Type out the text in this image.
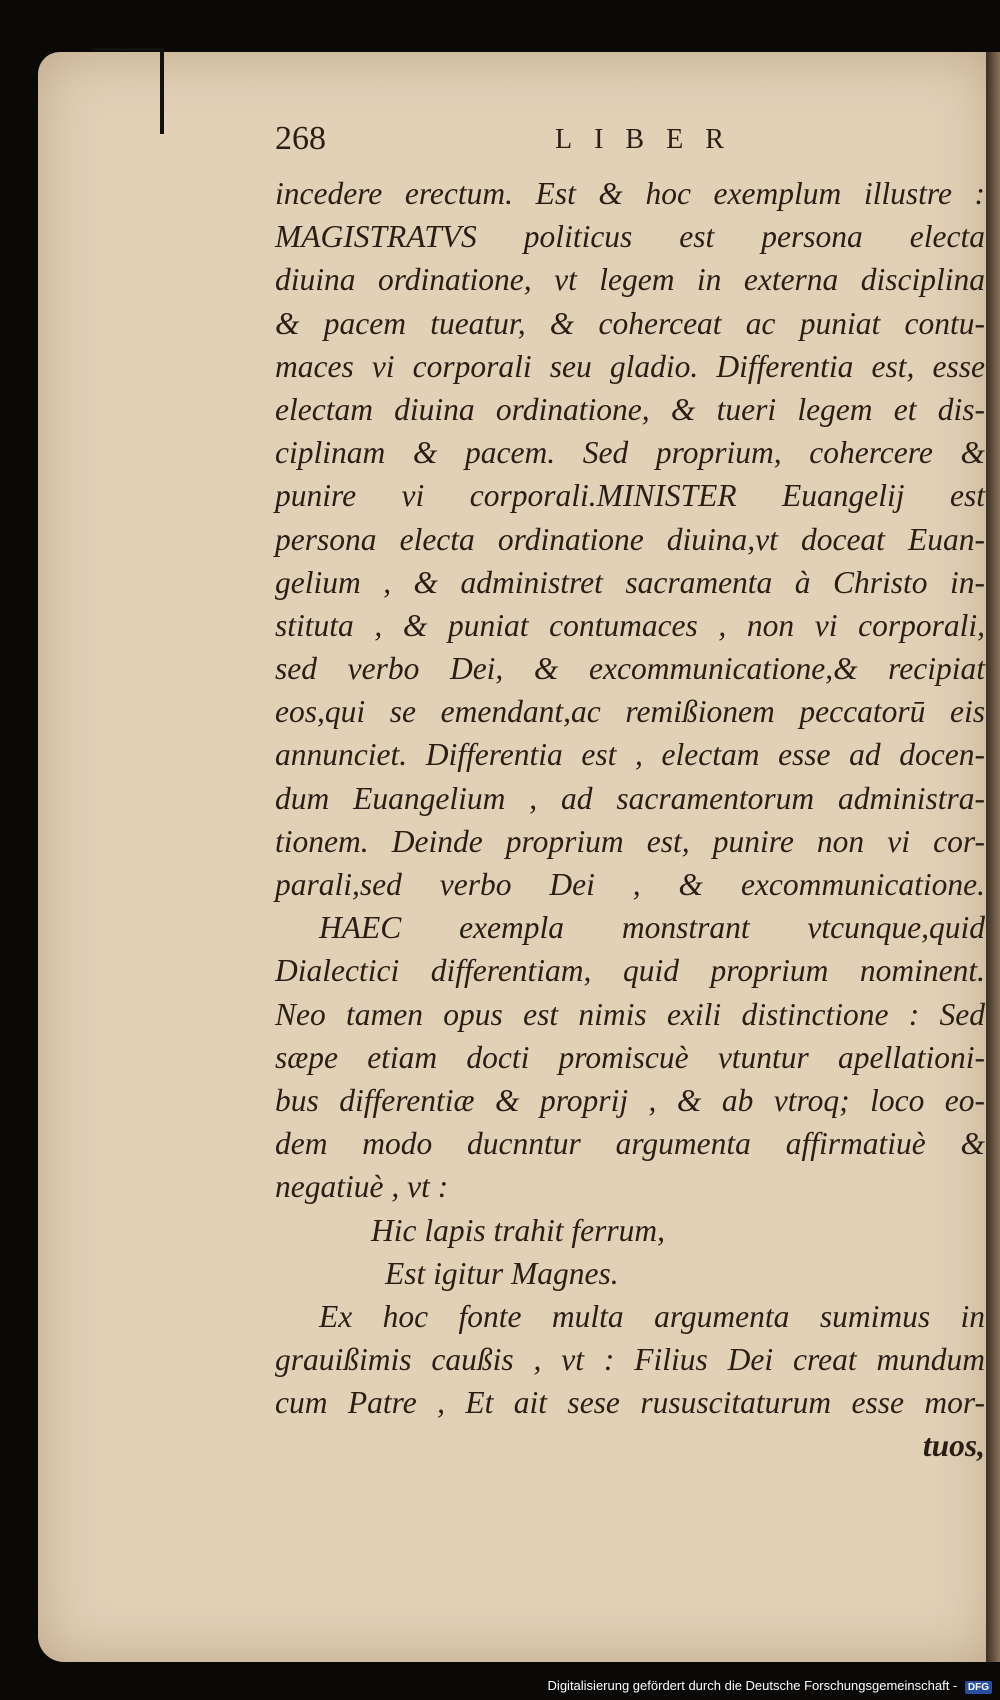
268	LIBER
incedere erectum. Est & hoc exemplum illustre :
MAGISTRATVS politicus est persona electa
diuina ordinatione, vt legem in externa disciplina
& pacem tueatur, & coherceat ac puniat contu-
maces vi corporali seu gladio. Differentia est, esse
electam diuina ordinatione, & tueri legem et dis-
ciplinam & pacem. Sed proprium, cohercere &
punire vi corporali.MINISTER Euangelij est
persona electa ordinatione diuina,vt doceat Euan-
gelium , & administret sacramenta à Christo in-
stituta , & puniat contumaces , non vi corporali,
sed verbo Dei, & excommunicatione,& recipiat
eos,qui se emendant,ac remißionem peccatorū eis
annunciet. Differentia est , electam esse ad docen-
dum Euangelium , ad sacramentorum administra-
tionem. Deinde proprium est, punire non vi cor-
parali,sed verbo Dei , & excommunicatione.
HAEC exempla monstrant vtcunque,quid
Dialectici differentiam, quid proprium nominent.
Neo tamen opus est nimis exili distinctione : Sed
sæpe etiam docti promiscuè vtuntur apellationi-
bus differentiæ & proprij , & ab vtroq; loco eo-
dem modo ducnntur argumenta affirmatiuè &
negatiuè , vt :
Hic lapis trahit ferrum,
Est igitur Magnes.
Ex hoc fonte multa argumenta sumimus in
grauißimis caußis , vt : Filius Dei creat mundum
cum Patre , Et ait sese rususcitaturum esse mor-
tuos,
Digitalisierung gefördert durch die Deutsche Forschungsgemeinschaft - DFG
